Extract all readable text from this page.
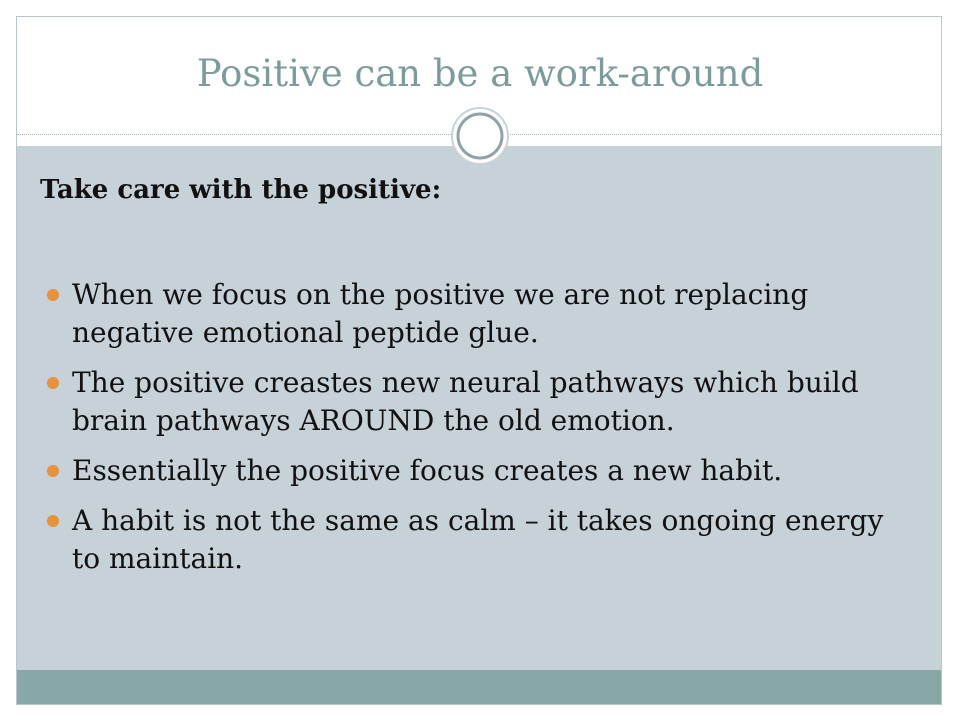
Positive can be a work-around
Take care with the positive:
When we focus on the positive we are not replacing negative emotional peptide glue.
The positive creastes new neural pathways which build brain pathways AROUND the old emotion.
Essentially the positive focus creates a new habit.
A habit is not the same as calm – it takes ongoing energy to maintain.
